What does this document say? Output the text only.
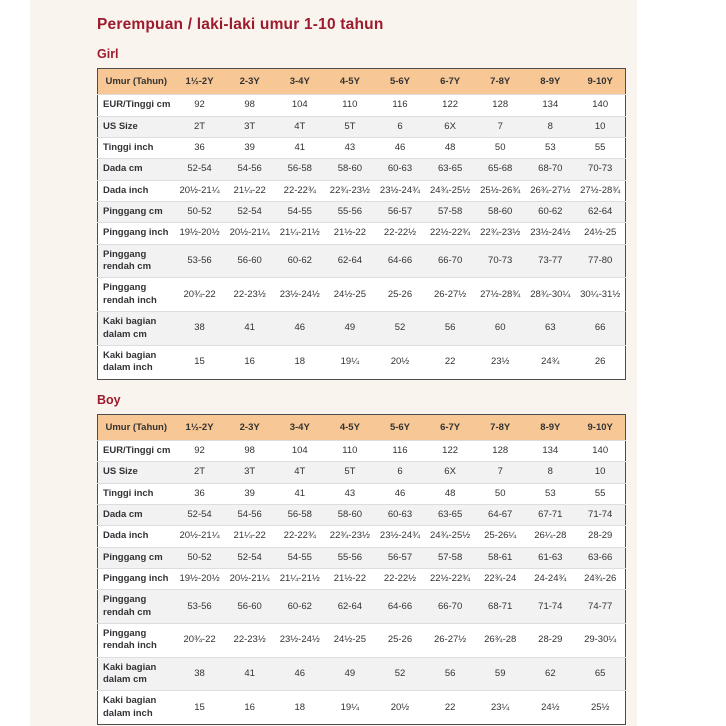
Perempuan / laki-laki umur 1-10 tahun
Girl
Umur (Tahun)	1½-2Y	2-3Y	3-4Y	4-5Y	5-6Y	6-7Y	7-8Y	8-9Y	9-10Y
EUR/Tinggi cm	92	98	104	110	116	122	128	134	140
US Size	2T	3T	4T	5T	6	6X	7	8	10
Tinggi inch	36	39	41	43	46	48	50	53	55
Dada cm	52-54	54-56	56-58	58-60	60-63	63-65	65-68	68-70	70-73
Dada inch	20½-21¼	21¼-22	22-22¾	22¾-23½	23½-24¾	24¾-25½	25½-26¾	26¾-27½	27½-28¾
Pinggang cm	50-52	52-54	54-55	55-56	56-57	57-58	58-60	60-62	62-64
Pinggang inch	19½-20½	20½-21¼	21¼-21½	21½-22	22-22½	22½-22¾	22¾-23½	23½-24½	24½-25
Pinggang rendah cm	53-56	56-60	60-62	62-64	64-66	66-70	70-73	73-77	77-80
Pinggang rendah inch	20¾-22	22-23½	23½-24½	24½-25	25-26	26-27½	27½-28¾	28¾-30¼	30¼-31½
Kaki bagian dalam cm	38	41	46	49	52	56	60	63	66
Kaki bagian dalam inch	15	16	18	19¼	20½	22	23½	24¾	26
Boy
Umur (Tahun)	1½-2Y	2-3Y	3-4Y	4-5Y	5-6Y	6-7Y	7-8Y	8-9Y	9-10Y
EUR/Tinggi cm	92	98	104	110	116	122	128	134	140
US Size	2T	3T	4T	5T	6	6X	7	8	10
Tinggi inch	36	39	41	43	46	48	50	53	55
Dada cm	52-54	54-56	56-58	58-60	60-63	63-65	64-67	67-71	71-74
Dada inch	20½-21¼	21¼-22	22-22¾	22¾-23½	23½-24¾	24¾-25½	25-26¼	26¼-28	28-29
Pinggang cm	50-52	52-54	54-55	55-56	56-57	57-58	58-61	61-63	63-66
Pinggang inch	19½-20½	20½-21¼	21¼-21½	21½-22	22-22½	22½-22¾	22¾-24	24-24¾	24¾-26
Pinggang rendah cm	53-56	56-60	60-62	62-64	64-66	66-70	68-71	71-74	74-77
Pinggang rendah inch	20¾-22	22-23½	23½-24½	24½-25	25-26	26-27½	26¾-28	28-29	29-30¼
Kaki bagian dalam cm	38	41	46	49	52	56	59	62	65
Kaki bagian dalam inch	15	16	18	19¼	20½	22	23¼	24½	25½
